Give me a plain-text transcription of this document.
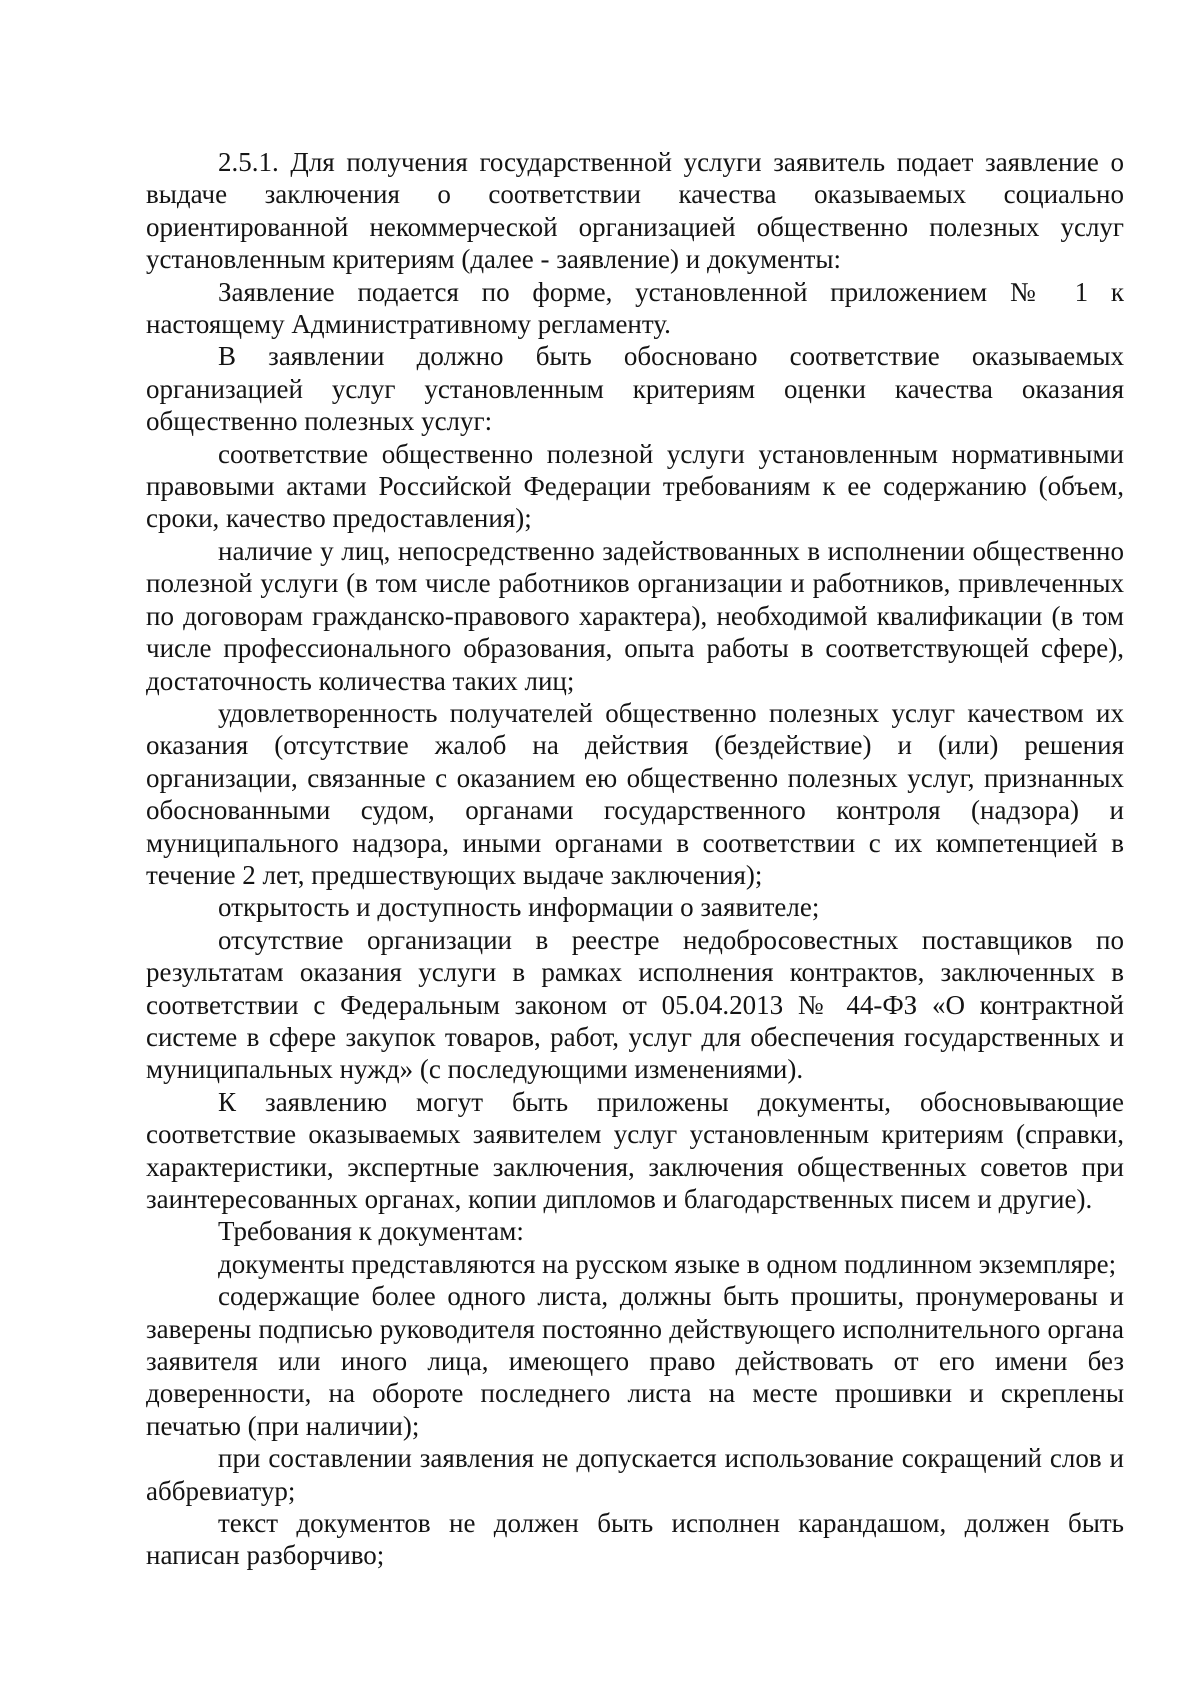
2.5.1. Для получения государственной услуги заявитель подает заявление о выдаче заключения о соответствии качества оказываемых социально ориентированной некоммерческой организацией общественно полезных услуг установленным критериям (далее - заявление) и документы:

Заявление подается по форме, установленной приложением № 1 к настоящему Административному регламенту.

В заявлении должно быть обосновано соответствие оказываемых организацией услуг установленным критериям оценки качества оказания общественно полезных услуг:

соответствие общественно полезной услуги установленным нормативными правовыми актами Российской Федерации требованиям к ее содержанию (объем, сроки, качество предоставления);

наличие у лиц, непосредственно задействованных в исполнении общественно полезной услуги (в том числе работников организации и работников, привлеченных по договорам гражданско-правового характера), необходимой квалификации (в том числе профессионального образования, опыта работы в соответствующей сфере), достаточность количества таких лиц;

удовлетворенность получателей общественно полезных услуг качеством их оказания (отсутствие жалоб на действия (бездействие) и (или) решения организации, связанные с оказанием ею общественно полезных услуг, признанных обоснованными судом, органами государственного контроля (надзора) и муниципального надзора, иными органами в соответствии с их компетенцией в течение 2 лет, предшествующих выдаче заключения);

открытость и доступность информации о заявителе;

отсутствие организации в реестре недобросовестных поставщиков по результатам оказания услуги в рамках исполнения контрактов, заключенных в соответствии с Федеральным законом от 05.04.2013 № 44-ФЗ «О контрактной системе в сфере закупок товаров, работ, услуг для обеспечения государственных и муниципальных нужд» (с последующими изменениями).

К заявлению могут быть приложены документы, обосновывающие соответствие оказываемых заявителем услуг установленным критериям (справки, характеристики, экспертные заключения, заключения общественных советов при заинтересованных органах, копии дипломов и благодарственных писем и другие).

Требования к документам:

документы представляются на русском языке в одном подлинном экземпляре;

содержащие более одного листа, должны быть прошиты, пронумерованы и заверены подписью руководителя постоянно действующего исполнительного органа заявителя или иного лица, имеющего право действовать от его имени без доверенности, на обороте последнего листа на месте прошивки и скреплены печатью (при наличии);

при составлении заявления не допускается использование сокращений слов и аббревиатур;

текст документов не должен быть исполнен карандашом, должен быть написан разборчиво;
